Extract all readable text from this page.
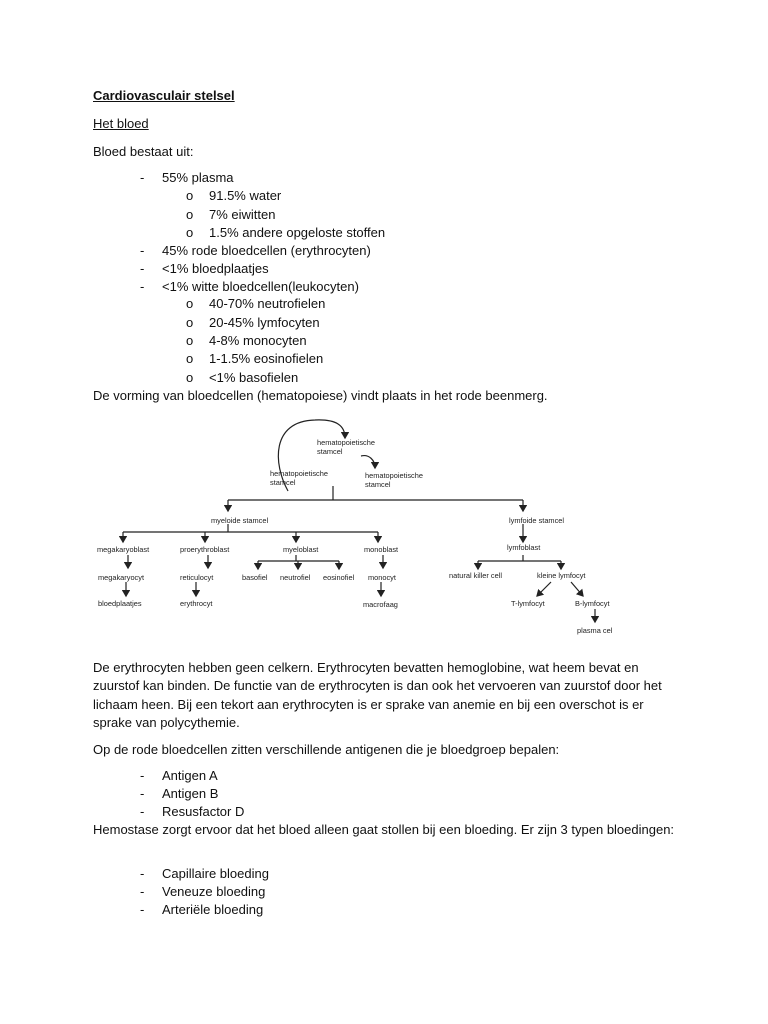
Cardiovasculair stelsel
Het bloed
Bloed bestaat uit:
- 55% plasma
o 91.5% water
o 7% eiwitten
o 1.5% andere opgeloste stoffen
- 45% rode bloedcellen (erythrocyten)
- <1% bloedplaatjes
- <1% witte bloedcellen(leukocyten)
o 40-70% neutrofielen
o 20-45% lymfocyten
o 4-8% monocyten
o 1-1.5% eosinofielen
o <1% basofielen
De vorming van bloedcellen (hematopoiese) vindt plaats in het rode beenmerg.
hematopoietische stamcel
hematopoietische stamcel
hematopoietische stamcel
myeloide stamcel	lymfoide stamcel
megakaryoblast	proerythroblast	myeloblast	monoblast	lymfoblast
megakaryocyt	reticulocyt	basofiel neutrofiel eosinofiel monocyt	natural killer cell	kleine lymfocyt
bloedplaatjes	erythrocyt	macrofaag	T-lymfocyt	B-lymfocyt
plasma cel
De erythrocyten hebben geen celkern. Erythrocyten bevatten hemoglobine, wat heem bevat en zuurstof kan binden. De functie van de erythrocyten is dan ook het vervoeren van zuurstof door het lichaam heen. Bij een tekort aan erythrocyten is er sprake van anemie en bij een overschot is er sprake van polycythemie.
Op de rode bloedcellen zitten verschillende antigenen die je bloedgroep bepalen:
- Antigen A
- Antigen B
- Resusfactor D
Hemostase zorgt ervoor dat het bloed alleen gaat stollen bij een bloeding. Er zijn 3 typen bloedingen:
- Capillaire bloeding
- Veneuze bloeding
- Arteriële bloeding
